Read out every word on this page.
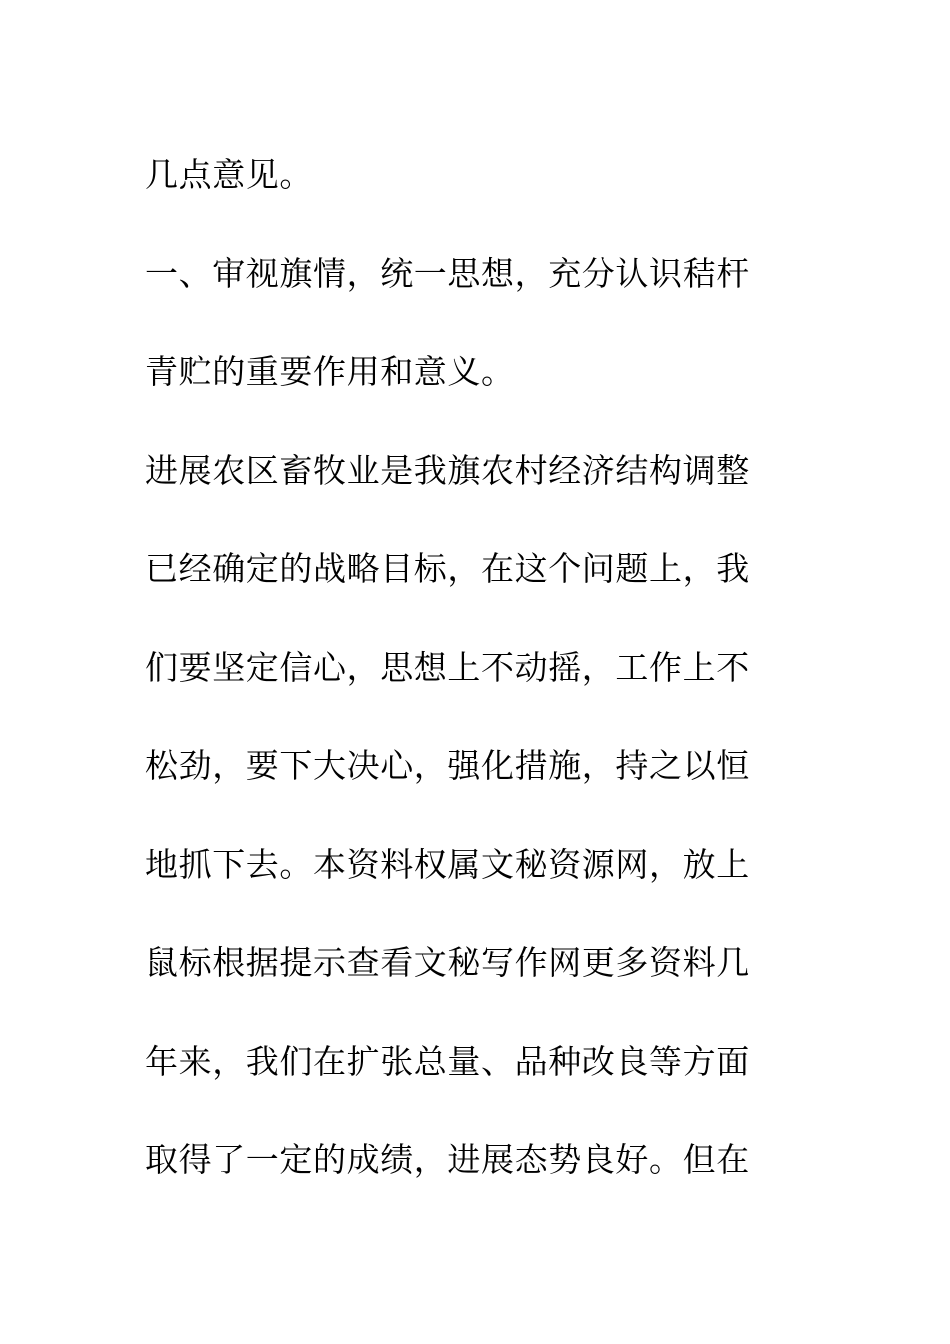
几点意见。
一、审视旗情，统一思想，充分认识秸杆
青贮的重要作用和意义。
进展农区畜牧业是我旗农村经济结构调整
已经确定的战略目标，在这个问题上，我
们要坚定信心，思想上不动摇，工作上不
松劲，要下大决心，强化措施，持之以恒
地抓下去。本资料权属文秘资源网，放上
鼠标根据提示查看文秘写作网更多资料几
年来，我们在扩张总量、品种改良等方面
取得了一定的成绩，进展态势良好。但在
